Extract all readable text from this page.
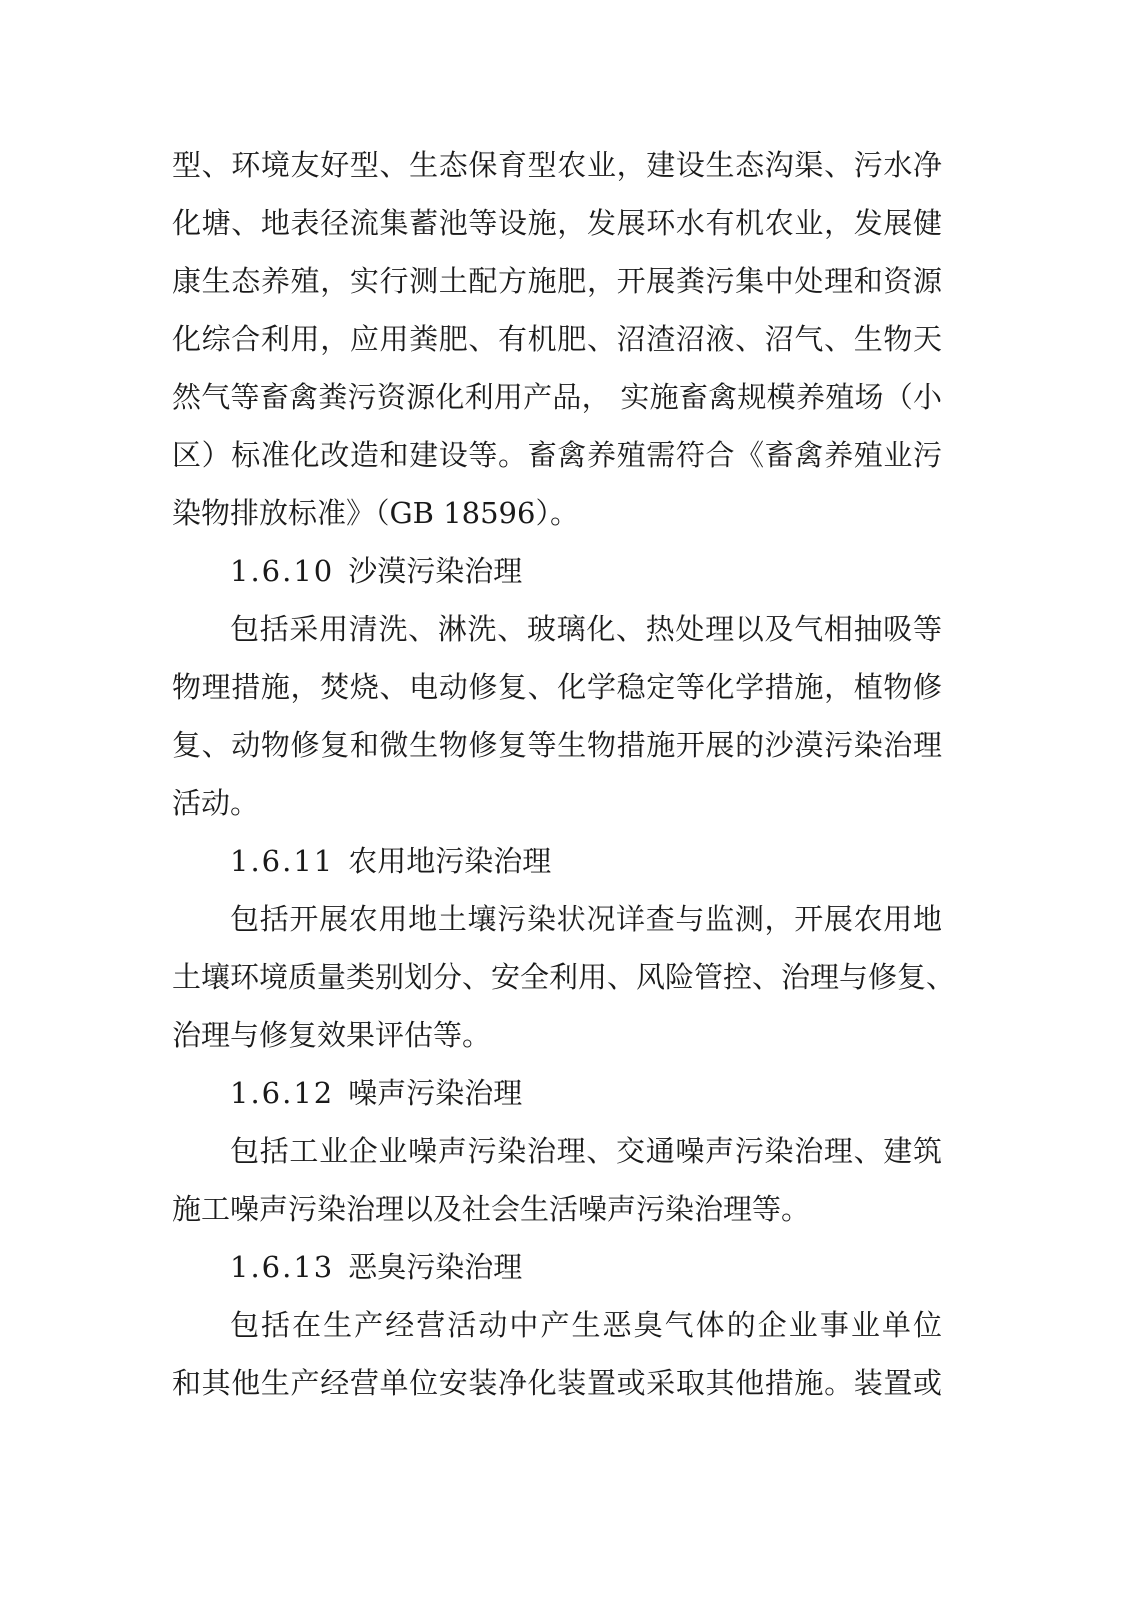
型、环境友好型、生态保育型农业，建设生态沟渠、污水净
化塘、地表径流集蓄池等设施，发展环水有机农业，发展健
康生态养殖，实行测土配方施肥，开展粪污集中处理和资源
化综合利用，应用粪肥、有机肥、沼渣沼液、沼气、生物天
然气等畜禽粪污资源化利用产品， 实施畜禽规模养殖场（小
区）标准化改造和建设等。畜禽养殖需符合《畜禽养殖业污
染物排放标准》（GB 18596）。
1.6.10 沙漠污染治理
包括采用清洗、淋洗、玻璃化、热处理以及气相抽吸等
物理措施，焚烧、电动修复、化学稳定等化学措施，植物修
复、动物修复和微生物修复等生物措施开展的沙漠污染治理
活动。
1.6.11 农用地污染治理
包括开展农用地土壤污染状况详查与监测，开展农用地
土壤环境质量类别划分、安全利用、风险管控、治理与修复、
治理与修复效果评估等。
1.6.12 噪声污染治理
包括工业企业噪声污染治理、交通噪声污染治理、建筑
施工噪声污染治理以及社会生活噪声污染治理等。
1.6.13 恶臭污染治理
包括在生产经营活动中产生恶臭气体的企业事业单位
和其他生产经营单位安装净化装置或采取其他措施。装置或
